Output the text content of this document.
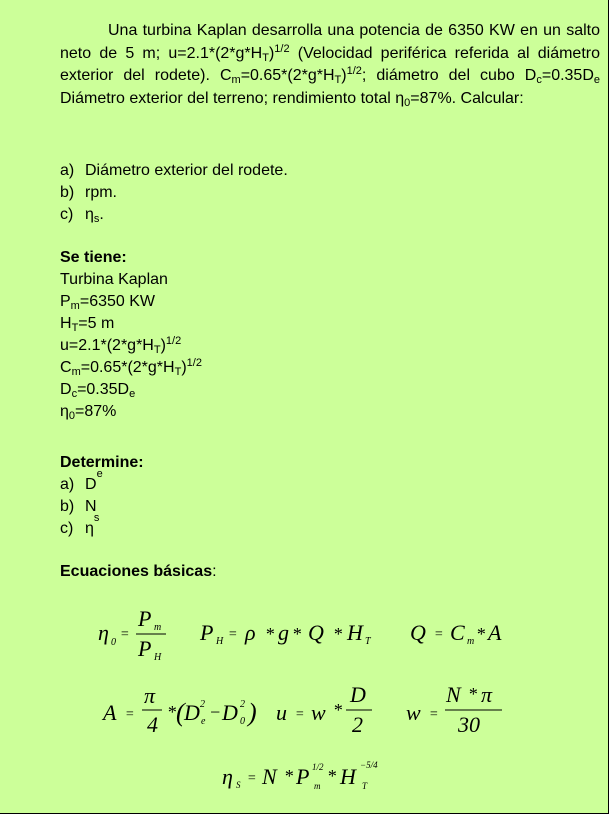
Una turbina Kaplan desarrolla una potencia de 6350 KW en un salto neto de 5 m; $u=2.1*(2*g*H_T)^{1/2}$ (Velocidad periférica referida al diámetro exterior del rodete). $C_m=0.65*(2*g*H_T)^{1/2}$; diámetro del cubo $D_c=0.35D_e$ Diámetro exterior del terreno; rendimiento total $\eta_0=87\%$. Calcular:
a) Diámetro exterior del rodete.
b) rpm.
c) $\eta_s$.
Se tiene:
Turbina Kaplan
$P_m=6350$ KW
$H_T=5$ m
$u=2.1*(2*g*H_T)^{1/2}$
$C_m=0.65*(2*g*H_T)^{1/2}$
$D_c=0.35D_e$
$\eta_0=87\%$
Determine:
a) D
e
b) N
c) η
s
Ecuaciones básicas:
η 0
=
P m
P H
P H = ρ * g * Q * H T Q = C m * A
A =
π
4 * ( D 2
e − D 2
0 ) u = w *
D
2 w =
N * π
30
η S = N * P 1/2
m * H −5/4
T
